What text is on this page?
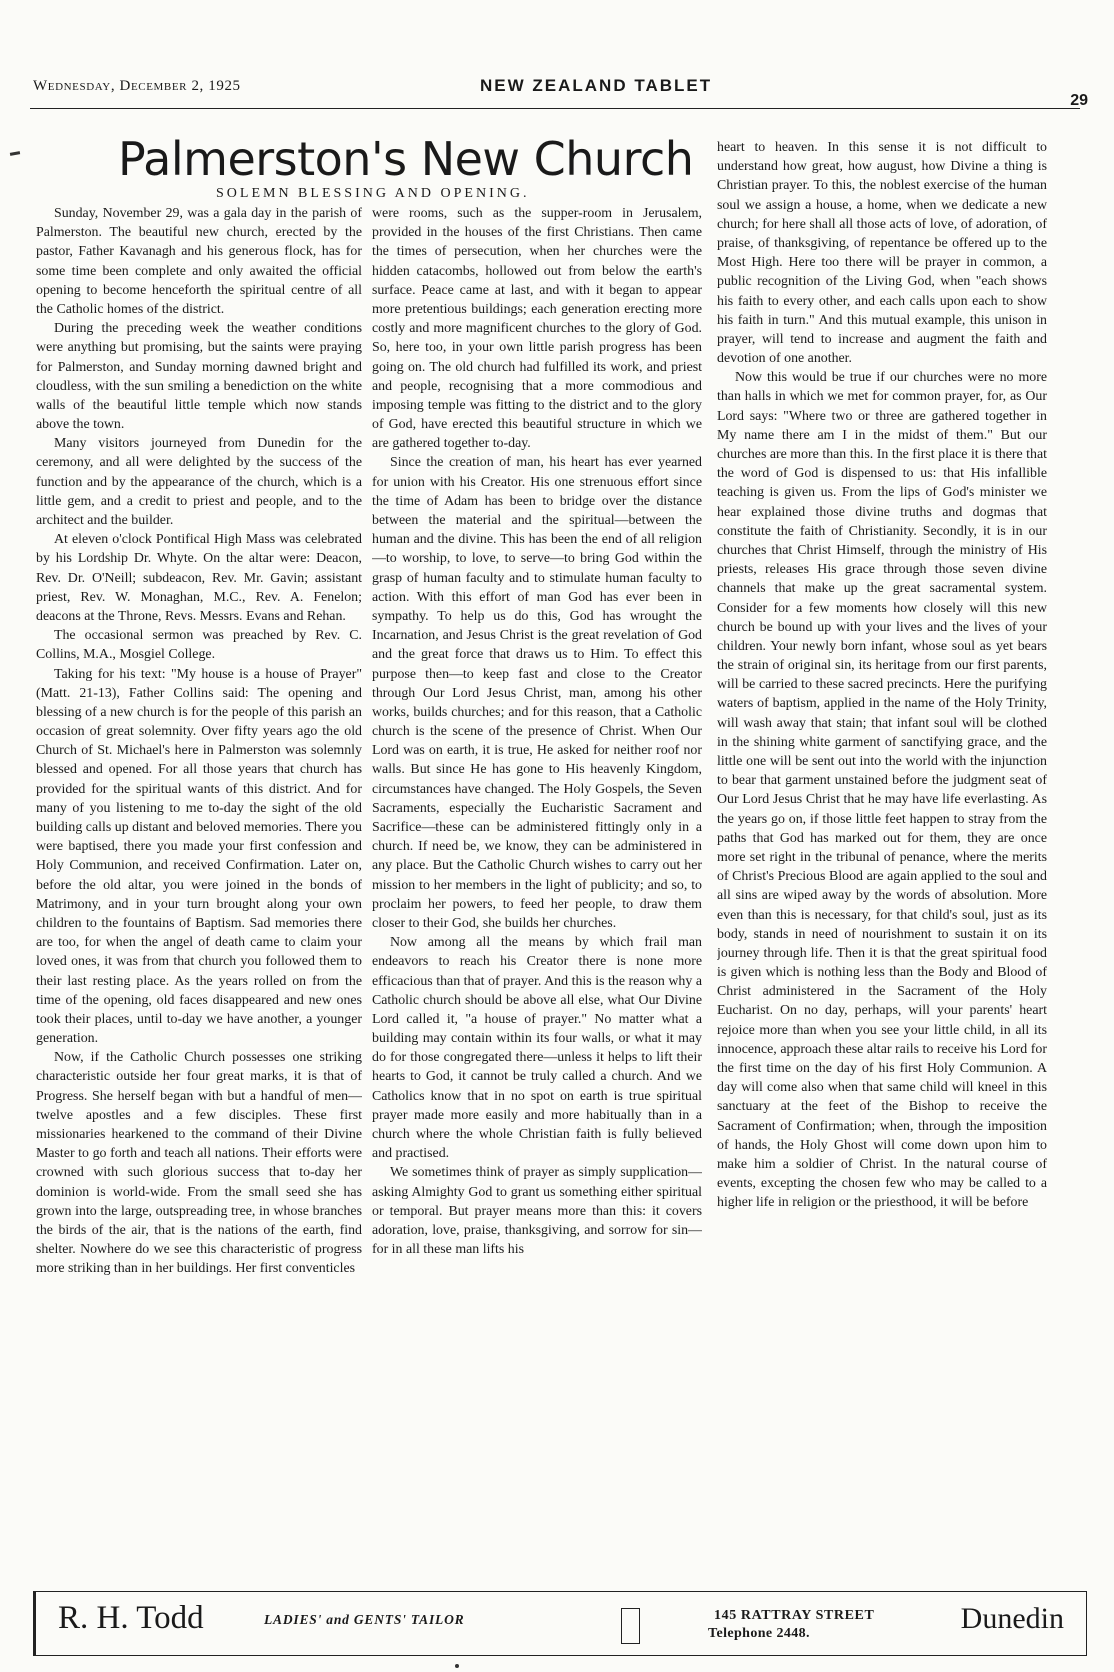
Wednesday, December 2, 1925	NEW ZEALAND TABLET
29
Palmerston's New Church
SOLEMN BLESSING AND OPENING.

Sunday, November 29, was a gala day in the parish of Palmerston. The beautiful new church, erected by the pastor, Father Kavanagh and his generous flock, has for some time been complete and only awaited the official opening to become henceforth the spiritual centre of all the Catholic homes of the district.

During the preceding week the weather conditions were anything but promising, but the saints were praying for Palmerston, and Sunday morning dawned bright and cloudless, with the sun smiling a benediction on the white walls of the beautiful little temple which now stands above the town.

Many visitors journeyed from Dunedin for the ceremony, and all were delighted by the success of the function and by the appearance of the church, which is a little gem, and a credit to priest and people, and to the architect and the builder.

At eleven o'clock Pontifical High Mass was celebrated by his Lordship Dr. Whyte. On the altar were: Deacon, Rev. Dr. O'Neill; subdeacon, Rev. Mr. Gavin; assistant priest, Rev. W. Monaghan, M.C., Rev. A. Fenelon; deacons at the Throne, Revs. Messrs. Evans and Rehan.

The occasional sermon was preached by Rev. C. Collins, M.A., Mosgiel College.

Taking for his text: "My house is a house of Prayer" (Matt. 21-13), Father Collins said: The opening and blessing of a new church is for the people of this parish an occasion of great solemnity. Over fifty years ago the old Church of St. Michael's here in Palmerston was solemnly blessed and opened. For all those years that church has provided for the spiritual wants of this district. And for many of you listening to me to-day the sight of the old building calls up distant and beloved memories. There you were baptised, there you made your first confession and Holy Communion, and received Confirmation. Later on, before the old altar, you were joined in the bonds of Matrimony, and in your turn brought along your own children to the fountains of Baptism. Sad memories there are too, for when the angel of death came to claim your loved ones, it was from that church you followed them to their last resting place. As the years rolled on from the time of the opening, old faces disappeared and new ones took their places, until to-day we have another, a younger generation.

Now, if the Catholic Church possesses one striking characteristic outside her four great marks, it is that of Progress. She herself began with but a handful of men—twelve apostles and a few disciples. These first missionaries hearkened to the command of their Divine Master to go forth and teach all nations. Their efforts were crowned with such glorious success that to-day her dominion is world-wide. From the small seed she has grown into the large, outspreading tree, in whose branches the birds of the air, that is the nations of the earth, find shelter. Nowhere do we see this characteristic of progress more striking than in her buildings. Her first conventicles

were rooms, such as the supper-room in Jerusalem, provided in the houses of the first Christians. Then came the times of persecution, when her churches were the hidden catacombs, hollowed out from below the earth's surface. Peace came at last, and with it began to appear more pretentious buildings; each generation erecting more costly and more magnificent churches to the glory of God. So, here too, in your own little parish progress has been going on. The old church had fulfilled its work, and priest and people, recognising that a more commodious and imposing temple was fitting to the district and to the glory of God, have erected this beautiful structure in which we are gathered together to-day.

Since the creation of man, his heart has ever yearned for union with his Creator. His one strenuous effort since the time of Adam has been to bridge over the distance between the material and the spiritual—between the human and the divine. This has been the end of all religion—to worship, to love, to serve—to bring God within the grasp of human faculty and to stimulate human faculty to action. With this effort of man God has ever been in sympathy. To help us do this, God has wrought the Incarnation, and Jesus Christ is the great revelation of God and the great force that draws us to Him. To effect this purpose then—to keep fast and close to the Creator through Our Lord Jesus Christ, man, among his other works, builds churches; and for this reason, that a Catholic church is the scene of the presence of Christ. When Our Lord was on earth, it is true, He asked for neither roof nor walls. But since He has gone to His heavenly Kingdom, circumstances have changed. The Holy Gospels, the Seven Sacraments, especially the Eucharistic Sacrament and Sacrifice—these can be administered fittingly only in a church. If need be, we know, they can be administered in any place. But the Catholic Church wishes to carry out her mission to her members in the light of publicity; and so, to proclaim her powers, to feed her people, to draw them closer to their God, she builds her churches.

Now among all the means by which frail man endeavors to reach his Creator there is none more efficacious than that of prayer. And this is the reason why a Catholic church should be above all else, what Our Divine Lord called it, "a house of prayer." No matter what a building may contain within its four walls, or what it may do for those congregated there—unless it helps to lift their hearts to God, it cannot be truly called a church. And we Catholics know that in no spot on earth is true spiritual prayer made more easily and more habitually than in a church where the whole Christian faith is fully believed and practised.

We sometimes think of prayer as simply supplication—asking Almighty God to grant us something either spiritual or temporal. But prayer means more than this: it covers adoration, love, praise, thanksgiving, and sorrow for sin—for in all these man lifts his

heart to heaven. In this sense it is not difficult to understand how great, how august, how Divine a thing is Christian prayer. To this, the noblest exercise of the human soul we assign a house, a home, when we dedicate a new church; for here shall all those acts of love, of adoration, of praise, of thanksgiving, of repentance be offered up to the Most High. Here too there will be prayer in common, a public recognition of the Living God, when "each shows his faith to every other, and each calls upon each to show his faith in turn." And this mutual example, this unison in prayer, will tend to increase and augment the faith and devotion of one another.

Now this would be true if our churches were no more than halls in which we met for common prayer, for, as Our Lord says: "Where two or three are gathered together in My name there am I in the midst of them." But our churches are more than this. In the first place it is there that the word of God is dispensed to us: that His infallible teaching is given us. From the lips of God's minister we hear explained those divine truths and dogmas that constitute the faith of Christianity. Secondly, it is in our churches that Christ Himself, through the ministry of His priests, releases His grace through those seven divine channels that make up the great sacramental system. Consider for a few moments how closely will this new church be bound up with your lives and the lives of your children. Your newly born infant, whose soul as yet bears the strain of original sin, its heritage from our first parents, will be carried to these sacred precincts. Here the purifying waters of baptism, applied in the name of the Holy Trinity, will wash away that stain; that infant soul will be clothed in the shining white garment of sanctifying grace, and the little one will be sent out into the world with the injunction to bear that garment unstained before the judgment seat of Our Lord Jesus Christ that he may have life everlasting. As the years go on, if those little feet happen to stray from the paths that God has marked out for them, they are once more set right in the tribunal of penance, where the merits of Christ's Precious Blood are again applied to the soul and all sins are wiped away by the words of absolution. More even than this is necessary, for that child's soul, just as its body, stands in need of nourishment to sustain it on its journey through life. Then it is that the great spiritual food is given which is nothing less than the Body and Blood of Christ administered in the Sacrament of the Holy Eucharist. On no day, perhaps, will your parents' heart rejoice more than when you see your little child, in all its innocence, approach these altar rails to receive his Lord for the first time on the day of his first Holy Communion. A day will come also when that same child will kneel in this sanctuary at the feet of the Bishop to receive the Sacrament of Confirmation; when, through the imposition of hands, the Holy Ghost will come down upon him to make him a soldier of Christ. In the natural course of events, excepting the chosen few who may be called to a higher life in religion or the priesthood, it will be before

R. H. Todd	LADIES' and GENTS' TAILOR	145 RATTRAY STREET
Telephone 2448.	Dunedin
